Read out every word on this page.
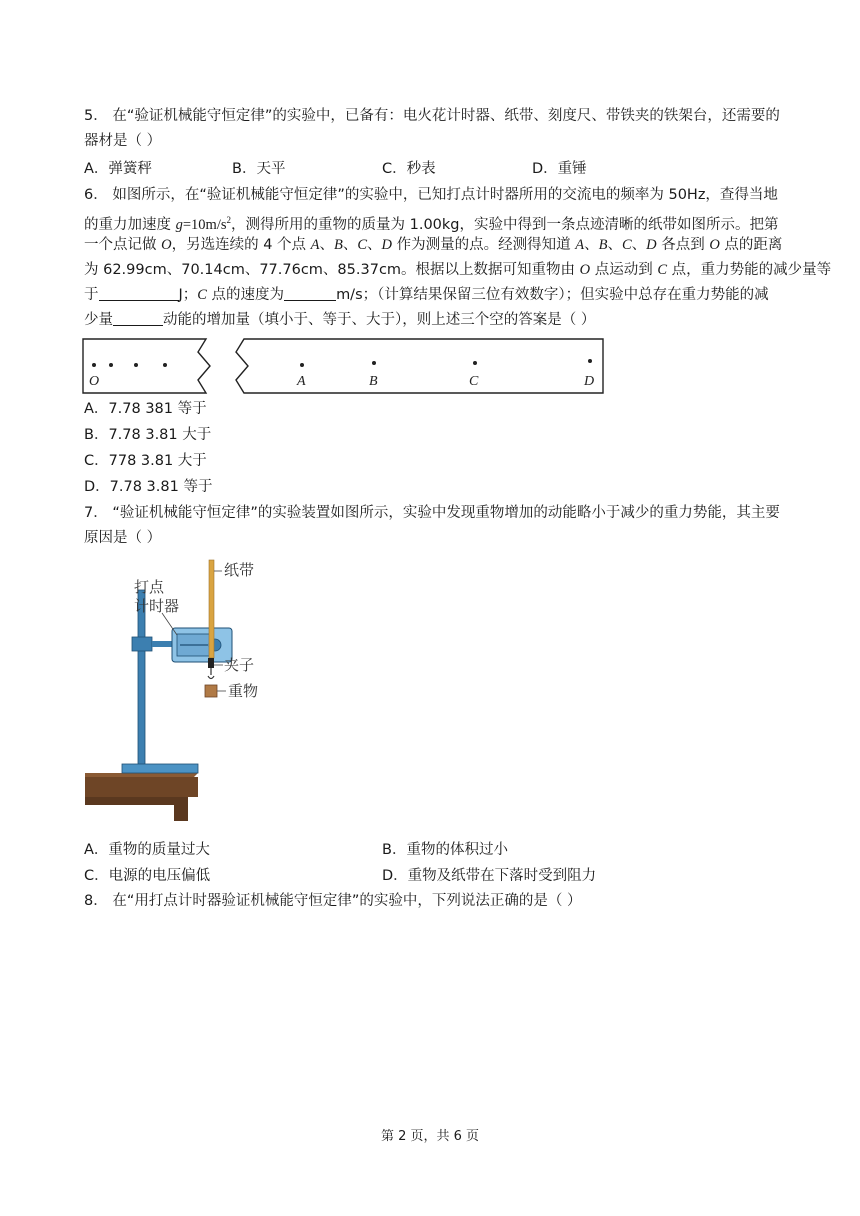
5． 在“验证机械能守恒定律”的实验中，已备有：电火花计时器、纸带、刻度尺、带铁夹的铁架台，还需要的
器材是（ ）
A．弹簧秤	B．天平	C．秒表	D．重锤
6． 如图所示，在“验证机械能守恒定律”的实验中，已知打点计时器所用的交流电的频率为 50Hz，查得当地
的重力加速度 $g=10m/s^2$，测得所用的重物的质量为 1.00kg，实验中得到一条点迹清晰的纸带如图所示。把第
一个点记做 O，另选连续的 4 个点 A、B、C、D 作为测量的点。经测得知道 A、B、C、D 各点到 O 点的距离
为 62.99cm、70.14cm、77.76cm、85.37cm。根据以上数据可知重物由 O 点运动到 C 点，重力势能的减少量等
于	J；C 点的速度为	m/s；（计算结果保留三位有效数字）；但实验中总存在重力势能的减
少量	动能的增加量（填小于、等于、大于），则上述三个空的答案是（ ）
O	A	B	C	D
A．7.78 381 等于
B．7.78 3.81 大于
C．778 3.81 大于
D．7.78 3.81 等于
7． “验证机械能守恒定律”的实验装置如图所示，实验中发现重物增加的动能略小于减少的重力势能，其主要
原因是（ ）
纸带
打点
计时器
夹子
重物
A．重物的质量过大	B．重物的体积过小
C．电源的电压偏低	D．重物及纸带在下落时受到阻力
8． 在“用打点计时器验证机械能守恒定律”的实验中，下列说法正确的是（ ）
第 2 页，共 6 页
